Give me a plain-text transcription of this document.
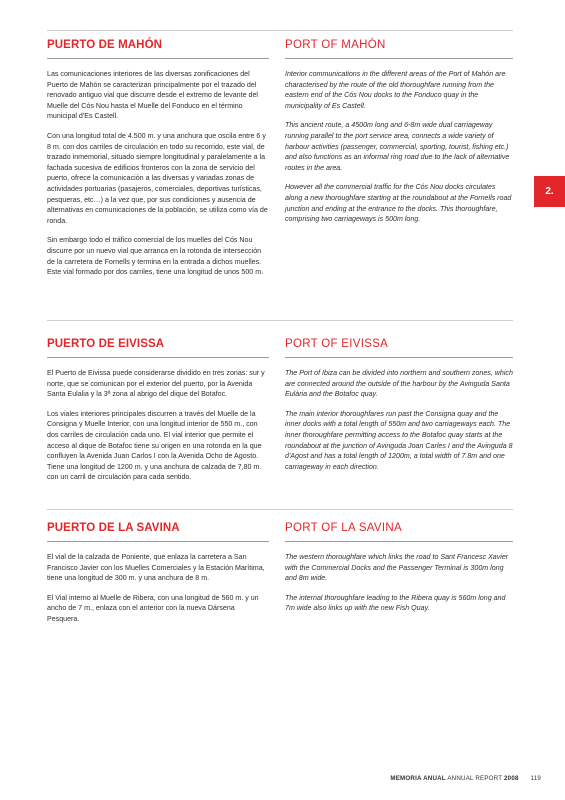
2.
PUERTO DE MAHÓN

Las comunicaciones interiores de las diversas zonificaciones del Puerto de Mahón se caracterizan principalmente por el trazado del renovado antiguo vial que discurre desde el extremo de levante del Muelle del Cós Nou hasta el Muelle del Fonduco en el término municipal d'Es Castell.

Con una longitud total de 4.500 m. y una anchura que oscila entre 6 y 8 m. con dos carriles de circulación en todo su recorrido, este vial, de trazado inmemorial, situado siempre longitudinal y paralelamente a la fachada sucesiva de edificios fronteros con la zona de servicio del puerto, ofrece la comunicación a las diversas y variadas zonas de actividades portuarias (pasajeros, comerciales, deportivas turísticas, pesqueras, etc…) a la vez que, por sus condiciones y ausencia de alternativas en comunicaciones de la población, se utiliza como vía de ronda.

Sin embargo todo el tráfico comercial de los muelles del Cós Nou discurre por un nuevo vial que arranca en la rotonda de intersección de la carretera de Fornells y termina en la entrada a dichos muelles. Este vial formado por dos carriles, tiene una longitud de unos 500 m.

PORT OF MAHÓN

Interior communications in the different areas of the Port of Mahón are characterised by the route of the old thoroughfare running from the eastern end of the Cós Nou docks to the Fonduco quay in the municipality of Es Castell.

This ancient route, a 4500m long and 6-8m wide dual carriageway running parallel to the port service area, connects a wide variety of harbour activities (passenger, commercial, sporting, tourist, fishing etc.) and also functions as an informal ring road due to the lack of alternative routes in the area.

However all the commercial traffic for the Cós Nou docks circulates along a new thoroughfare starting at the roundabout at the Fornells road junction and ending at the entrance to the docks. This thoroughfare, comprising two carriageways is 500m long.

PUERTO DE EIVISSA

El Puerto de Eivissa puede considerarse dividido en tres zonas: sur y norte, que se comunican por el exterior del puerto, por la Avenida Santa Eulalia y la 3ª zona al abrigo del dique del Botafoc.

Los viales interiores principales discurren a través del Muelle de la Consigna y Muelle Interior, con una longitud interior de 550 m., con dos carriles de circulación cada uno. El vial interior que permite el acceso al dique de Botafoc tiene su origen en una rotonda en la que confluyen la Avenida Juan Carlos I con la Avenida Ocho de Agosto. Tiene una longitud de 1200 m. y una anchura de calzada de 7,80 m. con un carril de circulación para cada sentido.

PORT OF EIVISSA

The Port of Ibiza can be divided into northern and southern zones, which are connected around the outside of the harbour by the Avinguda Santa Eulària and the Botafoc quay.

The main interior thoroughfares run past the Consigna quay and the inner docks with a total length of 550m and two carriageways each. The inner thoroughfare permitting access to the Botafoc quay starts at the roundabout at the junction of Avinguda Joan Carles I and the Avinguda 8 d'Agost and has a total length of 1200m, a total width of 7.8m and one carriageway in each direction.

PUERTO DE LA SAVINA

El vial de la calzada de Poniente, que enlaza la carretera a San Francisco Javier con los Muelles Comerciales y la Estación Marítima, tiene una longitud de 300 m. y una anchura de 8 m.

El Vial interno al Muelle de Ribera, con una longitud de 560 m. y un ancho de 7 m., enlaza con el anterior con la nueva Dársena Pesquera.

PORT OF LA SAVINA

The western thoroughfare which links the road to Sant Francesc Xavier with the Commercial Docks and the Passenger Terminal is 300m long and 8m wide.

The internal thoroughfare leading to the Ribera quay is 560m long and 7m wide also links up with the new Fish Quay.

MEMORIA ANUAL ANNUAL REPORT 2008 119
